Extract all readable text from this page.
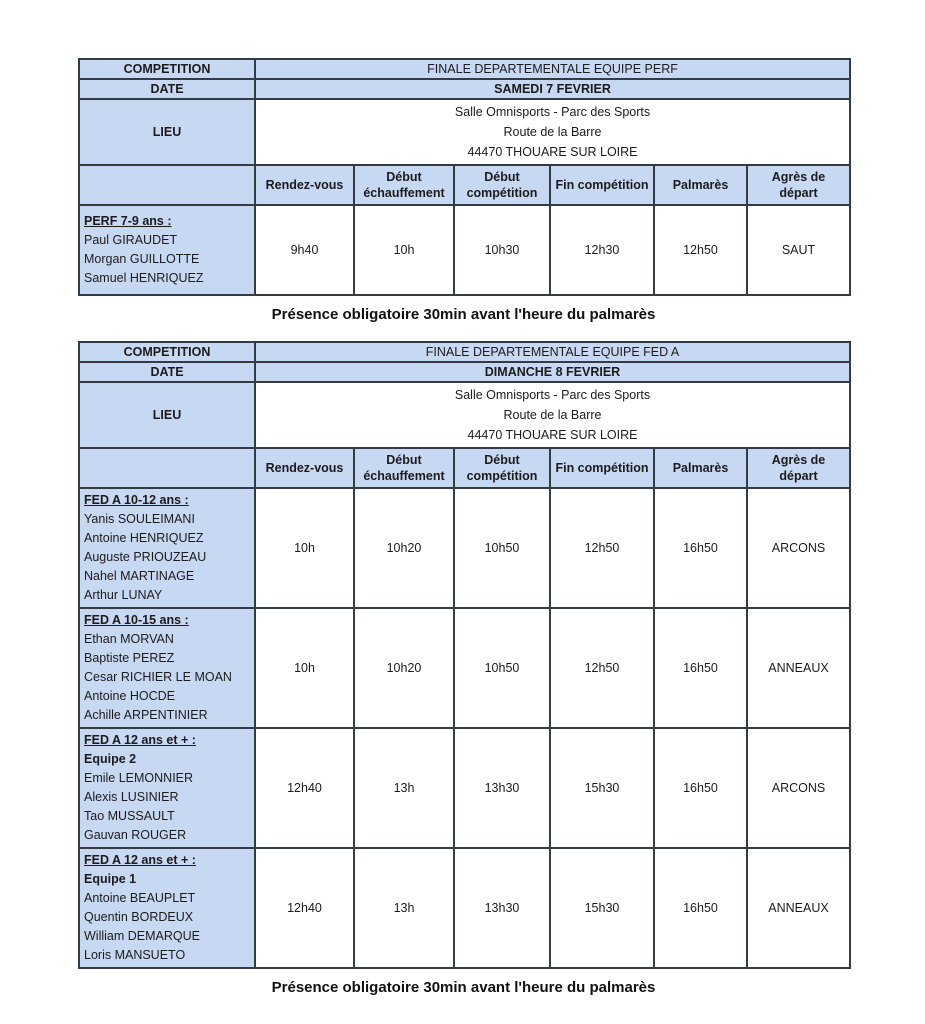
COMPETITION	FINALE DEPARTEMENTALE EQUIPE PERF					
DATE	SAMEDI 7 FEVRIER					
LIEU	Salle Omnisports - Parc des Sports
Route de la Barre
44470 THOUARE SUR LOIRE					

	Rendez-vous	Début échauffement	Début compétition	Fin compétition	Palmarès	Agrès de départ

PERF 7-9 ans :
Paul GIRAUDET
Morgan GUILLOTTE
Samuel HENRIQUEZ	9h40	10h	10h30	12h30	12h50	SAUT
Présence obligatoire 30min avant l'heure du palmarès
COMPETITION	FINALE DEPARTEMENTALE EQUIPE FED A					
DATE	DIMANCHE 8 FEVRIER					
LIEU	Salle Omnisports - Parc des Sports
Route de la Barre
44470 THOUARE SUR LOIRE					

	Rendez-vous	Début échauffement	Début compétition	Fin compétition	Palmarès	Agrès de départ

FED A 10-12 ans :
Yanis SOULEIMANI
Antoine HENRIQUEZ
Auguste PRIOUZEAU
Nahel MARTINAGE
Arthur LUNAY
	10h	10h20	10h50	12h50	16h50	ARCONS

FED A 10-15 ans :
Ethan MORVAN
Baptiste PEREZ
Cesar RICHIER LE MOAN
Antoine HOCDE
Achille ARPENTINIER
	10h	10h20	10h50	12h50	16h50	ANNEAUX

FED A 12 ans et + :
Equipe 2
Emile LEMONNIER
Alexis LUSINIER
Tao MUSSAULT
Gauvan ROUGER
	12h40	13h	13h30	15h30	16h50	ARCONS

FED A 12 ans et + :
Equipe 1
Antoine BEAUPLET
Quentin BORDEUX
William DEMARQUE
Loris MANSUETO
	12h40	13h	13h30	15h30	16h50	ANNEAUX
Présence obligatoire 30min avant l'heure du palmarès
